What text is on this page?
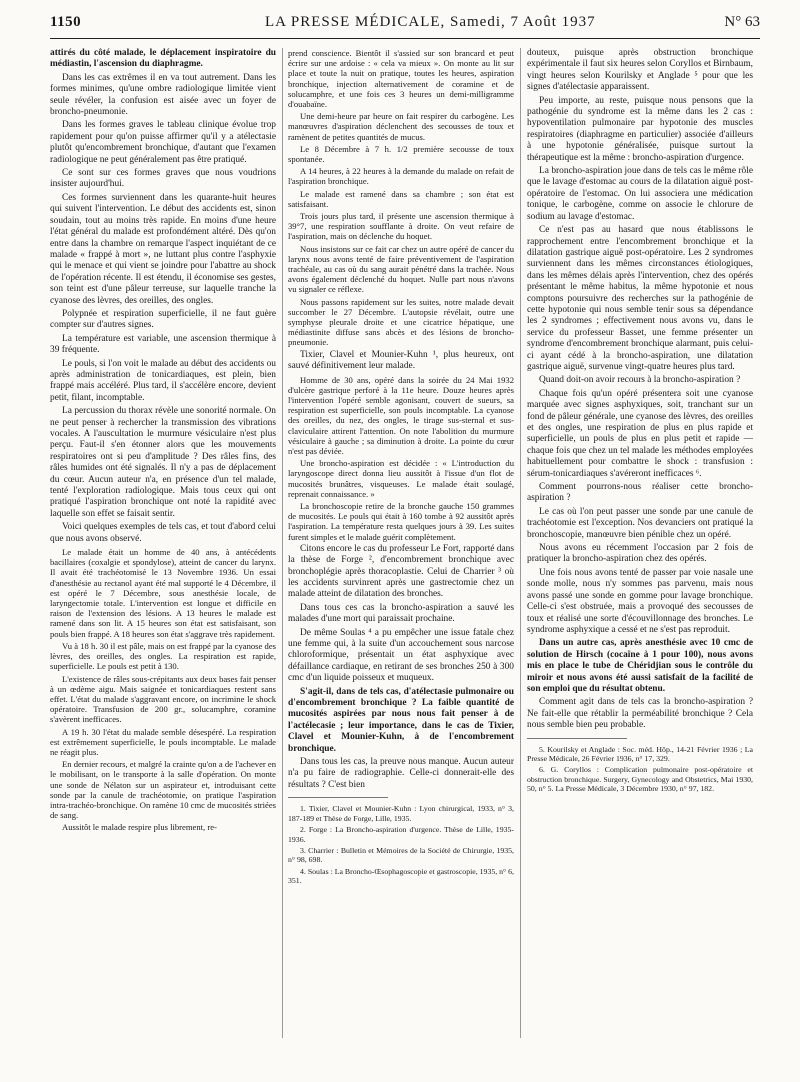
1150	LA PRESSE MÉDICALE, Samedi, 7 Août 1937	N° 63

attirés du côté malade, le déplacement inspiratoire du médiastin, l'ascension du diaphragme.

Dans les cas extrêmes il en va tout autrement. Dans les formes minimes, qu'une ombre radiologique limitée vient seule révéler, la confusion est aisée avec un foyer de broncho-pneumonie.

Dans les formes graves le tableau clinique évolue trop rapidement pour qu'on puisse affirmer qu'il y a atélectasie plutôt qu'encombrement bronchique, d'autant que l'examen radiologique ne peut généralement pas être pratiqué.

Ce sont sur ces formes graves que nous voudrions insister aujourd'hui.

Ces formes surviennent dans les quarante-huit heures qui suivent l'intervention. Le début des accidents est, sinon soudain, tout au moins très rapide. En moins d'une heure l'état général du malade est profondément altéré. Dès qu'on entre dans la chambre on remarque l'aspect inquiétant de ce malade « frappé à mort », ne luttant plus contre l'asphyxie qui le menace et qui vient se joindre pour l'abattre au shock de l'opération récente. Il est étendu, il économise ses gestes, son teint est d'une pâleur terreuse, sur laquelle tranche la cyanose des lèvres, des oreilles, des ongles.

Polypnée et respiration superficielle, il ne faut guère compter sur d'autres signes.

La température est variable, une ascension thermique à 39 fréquente.

Le pouls, si l'on voit le malade au début des accidents ou après administration de tonicardiaques, est plein, bien frappé mais accéléré. Plus tard, il s'accélère encore, devient petit, filant, incomptable.

La percussion du thorax révèle une sonorité normale. On ne peut penser à rechercher la transmission des vibrations vocales. A l'auscultation le murmure vésiculaire n'est plus perçu. Faut-il s'en étonner alors que les mouvements respiratoires ont si peu d'amplitude ? Des râles fins, des râles humides ont été signalés. Il n'y a pas de déplacement du cœur. Aucun auteur n'a, en présence d'un tel malade, tenté l'exploration radiologique. Mais tous ceux qui ont pratiqué l'aspiration bronchique ont noté la rapidité avec laquelle son effet se faisait sentir.

Voici quelques exemples de tels cas, et tout d'abord celui que nous avons observé.

Le malade était un homme de 40 ans, à antécédents bacillaires (coxalgie et spondylose), atteint de cancer du larynx. Il avait été trachéotomisé le 13 Novembre 1936. Un essai d'anesthésie au rectanol ayant été mal supporté le 4 Décembre, il est opéré le 7 Décembre, sous anesthésie locale, de laryngectomie totale. L'intervention est longue et difficile en raison de l'extension des lésions. A 13 heures le malade est ramené dans son lit. A 15 heures son état est satisfaisant, son pouls bien frappé. A 18 heures son état s'aggrave très rapidement.

Vu à 18 h. 30 il est pâle, mais on est frappé par la cyanose des lèvres, des oreilles, des ongles. La respiration est rapide, superficielle. Le pouls est petit à 130.

L'existence de râles sous-crépitants aux deux bases fait penser à un œdème aigu. Mais saignée et tonicardiaques restent sans effet. L'état du malade s'aggravant encore, on incrimine le shock opératoire. Transfusion de 200 gr., solucamphre, coramine s'avèrent inefficaces.

A 19 h. 30 l'état du malade semble désespéré. La respiration est extrêmement superficielle, le pouls incomptable. Le malade ne réagit plus.

En dernier recours, et malgré la crainte qu'on a de l'achever en le mobilisant, on le transporte à la salle d'opération. On monte une sonde de Nélaton sur un aspirateur et, introduisant cette sonde par la canule de trachéotomie, on pratique l'aspiration intra-trachéo-bronchique. On ramène 10 cmc de mucosités striées de sang.

Aussitôt le malade respire plus librement, re-

prend conscience. Bientôt il s'assied sur son brancard et peut écrire sur une ardoise : « cela va mieux ». On monte au lit sur place et toute la nuit on pratique, toutes les heures, aspiration bronchique, injection alternativement de coramine et de solucamphre, et une fois ces 3 heures un demi-milligramme d'ouabaïne.

Une demi-heure par heure on fait respirer du carbogène. Les manœuvres d'aspiration déclenchent des secousses de toux et ramènent de petites quantités de mucus.

Le 8 Décembre à 7 h. 1/2 première secousse de toux spontanée.

A 14 heures, à 22 heures à la demande du malade on refait de l'aspiration bronchique.

Le malade est ramené dans sa chambre ; son état est satisfaisant.

Trois jours plus tard, il présente une ascension thermique à 39°7, une respiration soufflante à droite. On veut refaire de l'aspiration, mais on déclenche du hoquet.

Nous insistons sur ce fait car chez un autre opéré de cancer du larynx nous avons tenté de faire préventivement de l'aspiration trachéale, au cas où du sang aurait pénétré dans la trachée. Nous avons également déclenché du hoquet. Nulle part nous n'avons vu signaler ce réflexe.

Nous passons rapidement sur les suites, notre malade devait succomber le 27 Décembre. L'autopsie révélait, outre une symphyse pleurale droite et une cicatrice hépatique, une médiastinite diffuse sans abcès et des lésions de broncho-pneumonie.

Tixier, Clavel et Mounier-Kuhn ¹, plus heureux, ont sauvé définitivement leur malade.

Homme de 30 ans, opéré dans la soirée du 24 Mai 1932 d'ulcère gastrique perforé à la 11e heure. Douze heures après l'intervention l'opéré semble agonisant, couvert de sueurs, sa respiration est superficielle, son pouls incomptable. La cyanose des oreilles, du nez, des ongles, le tirage sus-sternal et sus-claviculaire attirent l'attention. On note l'abolition du murmure vésiculaire à gauche ; sa diminution à droite. La pointe du cœur n'est pas déviée.

Une broncho-aspiration est décidée : « L'introduction du laryngoscope direct donna lieu aussitôt à l'issue d'un flot de mucosités brunâtres, visqueuses. Le malade était soulagé, reprenait connaissance. »

La bronchoscopie retire de la bronche gauche 150 grammes de mucosités. Le pouls qui était à 160 tombe à 92 aussitôt après l'aspiration. La température resta quelques jours à 39. Les suites furent simples et le malade guérit complètement.

Citons encore le cas du professeur Le Fort, rapporté dans la thèse de Forge ², d'encombrement bronchique avec bronchoplégie après thoracoplastie. Celui de Charrier ³ où les accidents survinrent après une gastrectomie chez un malade atteint de dilatation des bronches.

Dans tous ces cas la broncho-aspiration a sauvé les malades d'une mort qui paraissait prochaine.

De même Soulas ⁴ a pu empêcher une issue fatale chez une femme qui, à la suite d'un accouchement sous narcose chloroformique, présentait un état asphyxique avec défaillance cardiaque, en retirant de ses bronches 250 à 300 cmc d'un liquide poisseux et muqueux.

S'agit-il, dans de tels cas, d'atélectasie pulmonaire ou d'encombrement bronchique ? La faible quantité de mucosités aspirées par nous nous fait penser à de l'actélecasie ; leur importance, dans le cas de Tixier, Clavel et Mounier-Kuhn, à de l'encombrement bronchique.

Dans tous les cas, la preuve nous manque. Aucun auteur n'a pu faire de radiographie. Celle-ci donnerait-elle des résultats ? C'est bien

1. Tixier, Clavel et Mounier-Kuhn : Lyon chirurgical, 1933, n° 3, 187-189 et Thèse de Forge, Lille, 1935.

2. Forge : La Broncho-aspiration d'urgence. Thèse de Lille, 1935-1936.

3. Charrier : Bulletin et Mémoires de la Société de Chirurgie, 1935, n° 98, 698.

4. Soulas : La Broncho-Œsophagoscopie et gastroscopie, 1935, n° 6, 351.

douteux, puisque après obstruction bronchique expérimentale il faut six heures selon Coryllos et Birnbaum, vingt heures selon Kourilsky et Anglade ⁵ pour que les signes d'atélectasie apparaissent.

Peu importe, au reste, puisque nous pensons que la pathogénie du syndrome est la même dans les 2 cas : hypoventilation pulmonaire par hypotonie des muscles respiratoires (diaphragme en particulier) associée d'ailleurs à une hypotonie généralisée, puisque surtout la thérapeutique est la même : broncho-aspiration d'urgence.

La broncho-aspiration joue dans de tels cas le même rôle que le lavage d'estomac au cours de la dilatation aiguë post-opératoire de l'estomac. On lui associera une médication tonique, le carbogène, comme on associe le chlorure de sodium au lavage d'estomac.

Ce n'est pas au hasard que nous établissons le rapprochement entre l'encombrement bronchique et la dilatation gastrique aiguë post-opératoire. Les 2 syndromes surviennent dans les mêmes circonstances étiologiques, dans les mêmes délais après l'intervention, chez des opérés présentant le même habitus, la même hypotonie et nous comptons poursuivre des recherches sur la pathogénie de cette hypotonie qui nous semble tenir sous sa dépendance les 2 syndromes ; effectivement nous avons vu, dans le service du professeur Basset, une femme présenter un syndrome d'encombrement bronchique alarmant, puis celui-ci ayant cédé à la broncho-aspiration, une dilatation gastrique aiguë, survenue vingt-quatre heures plus tard.

Quand doit-on avoir recours à la broncho-aspiration ?

Chaque fois qu'un opéré présentera soit une cyanose marquée avec signes asphyxiques, soit, tranchant sur un fond de pâleur générale, une cyanose des lèvres, des oreilles et des ongles, une respiration de plus en plus rapide et superficielle, un pouls de plus en plus petit et rapide — chaque fois que chez un tel malade les méthodes employées habituellement pour combattre le shock : transfusion : sérum-tonicardiaques s'avéreront inefficaces ⁶.

Comment pourrons-nous réaliser cette broncho-aspiration ?

Le cas où l'on peut passer une sonde par une canule de trachéotomie est l'exception. Nos devanciers ont pratiqué la bronchoscopie, manœuvre bien pénible chez un opéré.

Nous avons eu récemment l'occasion par 2 fois de pratiquer la broncho-aspiration chez des opérés.

Une fois nous avons tenté de passer par voie nasale une sonde molle, nous n'y sommes pas parvenu, mais nous avons passé une sonde en gomme pour lavage bronchique. Celle-ci s'est obstruée, mais a provoqué des secousses de toux et réalisé une sorte d'écouvillonnage des bronches. Le syndrome asphyxique a cessé et ne s'est pas reproduit.

Dans un autre cas, après anesthésie avec 10 cmc de solution de Hirsch (cocaïne à 1 pour 100), nous avons mis en place le tube de Chéridjian sous le contrôle du miroir et nous avons été aussi satisfait de la facilité de son emploi que du résultat obtenu.

Comment agit dans de tels cas la broncho-aspiration ? Ne fait-elle que rétablir la perméabilité bronchique ? Cela nous semble bien peu probable.

5. Kourilsky et Anglade : Soc. méd. Hôp., 14-21 Février 1936 ; La Presse Médicale, 26 Février 1936, n° 17, 329.

6. G. Coryllos : Complication pulmonaire post-opératoire et obstruction bronchique. Surgery, Gynecology and Obstetrics, Mai 1930, 50, n° 5. La Presse Médicale, 3 Décembre 1930, n° 97, 182.
